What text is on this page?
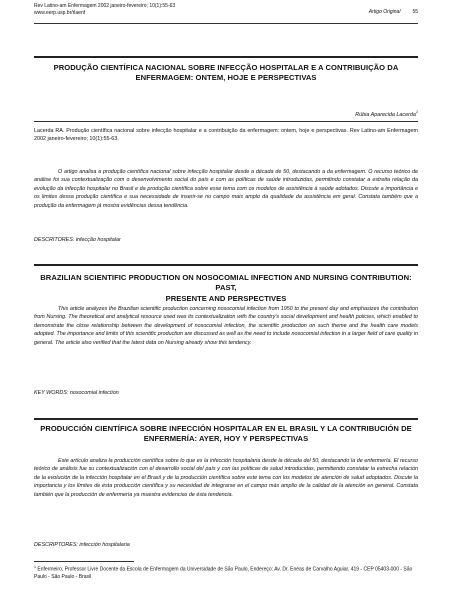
Rev Latino-am Enfermagem 2002 janeiro-fevereiro; 10(1):55-63
www.eerp.usp.br/rlaenf	Artigo Original 55
PRODUÇÃO CIENTÍFICA NACIONAL SOBRE INFECÇÃO HOSPITALAR E A CONTRIBUIÇÃO DA
ENFERMAGEM: ONTEM, HOJE E PERSPECTIVAS
Rúbia Aparecida Lacerda$^1$
Lacerda RA. Produção científica nacional sobre infecção hospitalar e a contribuição da enfermagem: ontem, hoje e perspectivas. Rev Latino-am Enfermagem 2002 janeiro-fevereiro; 10(1):55-63.
O artigo analisa a produção científica nacional sobre infecção hospitalar desde a década de 50, destacando a da enfermagem. O recurso teórico de análise foi sua contextualização com o desenvolvimento social do país e com as políticas de saúde introduzidas, permitindo constatar a estreita relação da evolução da infecção hospitalar no Brasil e da produção científica sobre esse tema com os modelos de assistência à saúde adotados. Discute a importância e os limites dessa produção científica e sua necessidade de inserir-se no campo mais amplo da qualidade da assistência em geral. Constata também que a produção da enfermagem já mostra evidências dessa tendência.
DESCRITORES: infecção hospitalar
BRAZILIAN SCIENTIFIC PRODUCTION ON NOSOCOMIAL INFECTION AND NURSING CONTRIBUTION: PAST,
PRESENTE AND PERSPECTIVES
This article analyzes the Brazilian scientific production concerning nosocomial infection from 1950 to the present day and emphasizes the contribution from Nursing. The theoretical and analytical resource used was its contextualization with the country's social development and health policies, which enabled to demonstrate the close relationship between the development of nosocomial infection, the scientific production on such theme and the health care models adopted. The importance and limits of this scientific production are discussed as well as the need to include nosocomial infection in a larger field of care quality in general. The article also verified that the latest data on Nursing already show this tendency.
KEY WORDS: nosocomial infection
PRODUCCIÓN CIENTÍFICA SOBRE INFECCIÓN HOSPITALAR EN EL BRASIL Y LA CONTRIBUCIÓN DE
ENFERMERÍA: AYER, HOY Y PERSPECTIVAS
Este artículo analiza la producción científica sobre lo que es la infección hospitalaria desde la década del 50, destacando la de enfermería. El recurso teórico de análisis fue su contextualización con el desarrollo social del país y con las políticas de salud introducidas, permitiendo constatar la estrecha relación de la evolución de la infección hospitalar en el Brasil y de la producción científica sobre este tema con los modelos de atención de salud adoptados. Discute la importancia y los límites de ésta producción científica y su necesidad de integrarse en el campo más amplio de la calidad de la atención en general. Constata también que la producción de enfermería ya muestra evidencias de ésta tendencia.
DESCRIPTORES: infección hospitalaria
$^1$ Enfermeiro, Professor Livre Docente da Escola de Enfermagem da Universidade de São Paulo, Endereço: Av. Dr. Enéas de Carvalho Aguiar, 419 - CEP 05403-000 - São Paulo - São Paulo - Brasil
